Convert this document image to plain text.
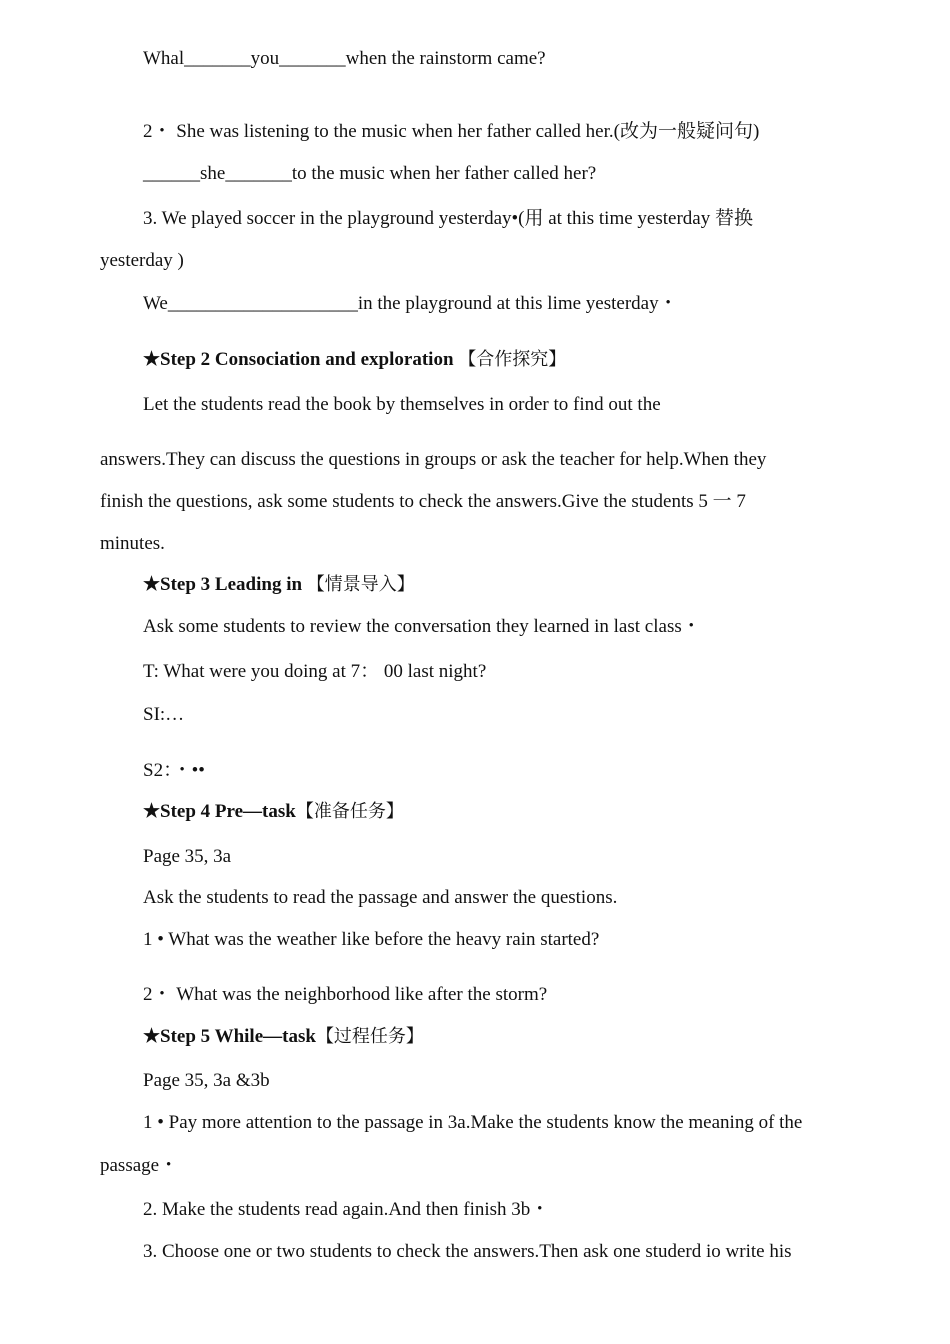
Whal_______you_______when the rainstorm came?
2・ She was listening to the music when her father called her.(改为一般疑问句)
______she_______to the music when her father called her?
3. We played soccer in the playground yesterday•(用 at this time yesterday 替换
yesterday )
We____________________in the playground at this lime yesterday・
★Step 2 Consociation and exploration 【合作探究】
Let the students read the book by themselves in order to find out the
answers.They can discuss the questions in groups or ask the teacher for help.When they
finish the questions, ask some students to check the answers.Give the students 5 一 7
minutes.
★Step 3 Leading in 【情景导入】
Ask some students to review the conversation they learned in last class・
T: What were you doing at 7： 00 last night?
SI:…
S2：・••
★Step 4 Pre—task【准备任务】
Page 35, 3a
Ask the students to read the passage and answer the questions.
1 • What was the weather like before the heavy rain started?
2・ What was the neighborhood like after the storm?
★Step 5 While—task【过程任务】
Page 35, 3a &3b
1 • Pay more attention to the passage in 3a.Make the students know the meaning of the
passage・
2. Make the students read again.And then finish 3b・
3. Choose one or two students to check the answers.Then ask one studerd io write his
